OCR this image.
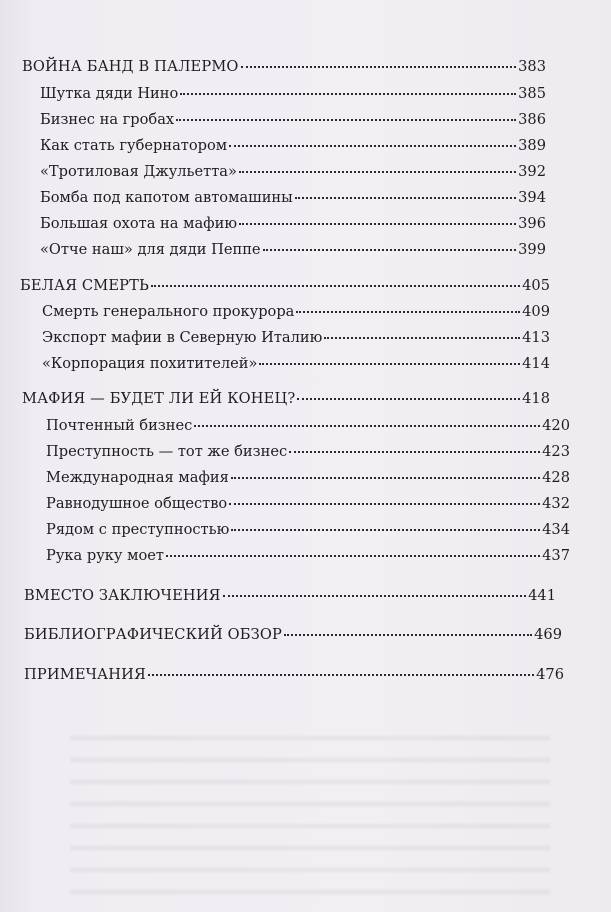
ВОЙНА БАНД В ПАЛЕРМО	383
Шутка дяди Нино	385
Бизнес на гробах	386
Как стать губернатором	389
«Тротиловая Джульетта»	392
Бомба под капотом автомашины	394
Большая охота на мафию	396
«Отче наш» для дяди Пеппе	399
БЕЛАЯ СМЕРТЬ	405
Смерть генерального прокурора	409
Экспорт мафии в Северную Италию	413
«Корпорация похитителей»	414
МАФИЯ — БУДЕТ ЛИ ЕЙ КОНЕЦ?	418
Почтенный бизнес	420
Преступность — тот же бизнес	423
Международная мафия	428
Равнодушное общество	432
Рядом с преступностью	434
Рука руку моет	437
ВМЕСТО ЗАКЛЮЧЕНИЯ	441
БИБЛИОГРАФИЧЕСКИЙ ОБЗОР	469
ПРИМЕЧАНИЯ	476
